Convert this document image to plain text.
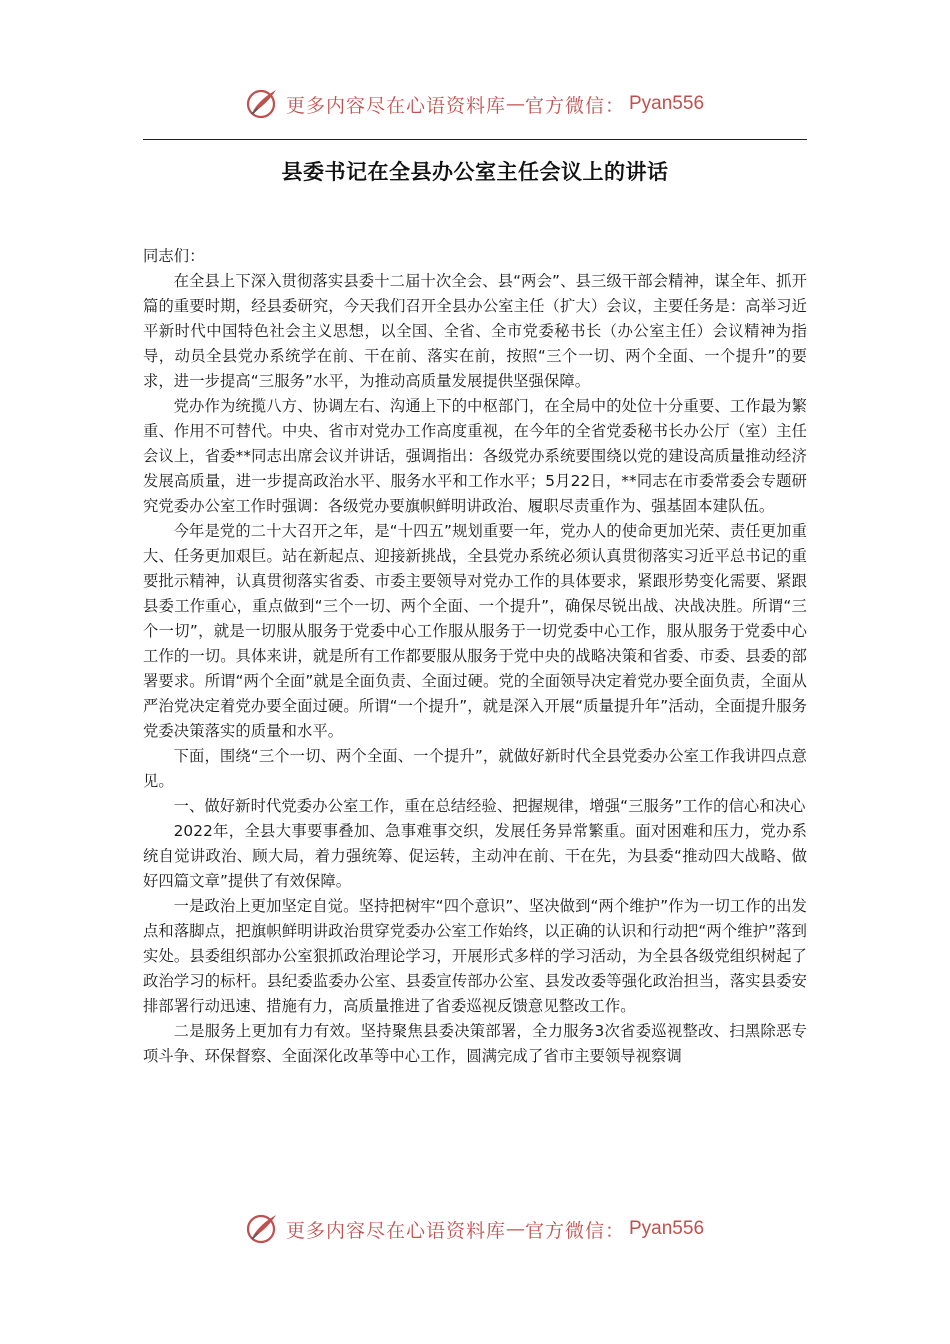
更多内容尽在心语资料库 — 官方微信： Pyan556
县委书记在全县办公室主任会议上的讲话

同志们：

在全县上下深入贯彻落实县委十二届十次全会、县“两会”、县三级干部会精神，谋全年、抓开篇的重要时期，经县委研究，今天我们召开全县办公室主任（扩大）会议，主要任务是：高举习近平新时代中国特色社会主义思想，以全国、全省、全市党委秘书长（办公室主任）会议精神为指导，动员全县党办系统学在前、干在前、落实在前，按照“三个一切、两个全面、一个提升”的要求，进一步提高“三服务”水平，为推动高质量发展提供坚强保障。

党办作为统揽八方、协调左右、沟通上下的中枢部门，在全局中的处位十分重要、工作最为繁重、作用不可替代。中央、省市对党办工作高度重视，在今年的全省党委秘书长办公厅（室）主任会议上，省委**同志出席会议并讲话，强调指出：各级党办系统要围绕以党的建设高质量推动经济发展高质量，进一步提高政治水平、服务水平和工作水平；5月22日，**同志在市委常委会专题研究党委办公室工作时强调：各级党办要旗帜鲜明讲政治、履职尽责重作为、强基固本建队伍。

今年是党的二十大召开之年，是“十四五”规划重要一年，党办人的使命更加光荣、责任更加重大、任务更加艰巨。站在新起点、迎接新挑战，全县党办系统必须认真贯彻落实习近平总书记的重要批示精神，认真贯彻落实省委、市委主要领导对党办工作的具体要求，紧跟形势变化需要、紧跟县委工作重心，重点做到“三个一切、两个全面、一个提升”，确保尽锐出战、决战决胜。所谓“三个一切”，就是一切服从服务于党委中心工作服从服务于一切党委中心工作，服从服务于党委中心工作的一切。具体来讲，就是所有工作都要服从服务于党中央的战略决策和省委、市委、县委的部署要求。所谓“两个全面”就是全面负责、全面过硬。党的全面领导决定着党办要全面负责，全面从严治党决定着党办要全面过硬。所谓“一个提升”，就是深入开展“质量提升年”活动，全面提升服务党委决策落实的质量和水平。

下面，围绕“三个一切、两个全面、一个提升”，就做好新时代全县党委办公室工作我讲四点意见。

一、做好新时代党委办公室工作，重在总结经验、把握规律，增强“三服务”工作的信心和决心

2022年，全县大事要事叠加、急事难事交织，发展任务异常繁重。面对困难和压力，党办系统自觉讲政治、顾大局，着力强统筹、促运转，主动冲在前、干在先，为县委“推动四大战略、做好四篇文章”提供了有效保障。

一是政治上更加坚定自觉。坚持把树牢“四个意识”、坚决做到“两个维护”作为一切工作的出发点和落脚点，把旗帜鲜明讲政治贯穿党委办公室工作始终，以正确的认识和行动把“两个维护”落到实处。县委组织部办公室狠抓政治理论学习，开展形式多样的学习活动，为全县各级党组织树起了政治学习的标杆。县纪委监委办公室、县委宣传部办公室、县发改委等强化政治担当，落实县委安排部署行动迅速、措施有力，高质量推进了省委巡视反馈意见整改工作。

二是服务上更加有力有效。坚持聚焦县委决策部署，全力服务3次省委巡视整改、扫黑除恶专项斗争、环保督察、全面深化改革等中心工作，圆满完成了省市主要领导视察调

更多内容尽在心语资料库 — 官方微信： Pyan556
